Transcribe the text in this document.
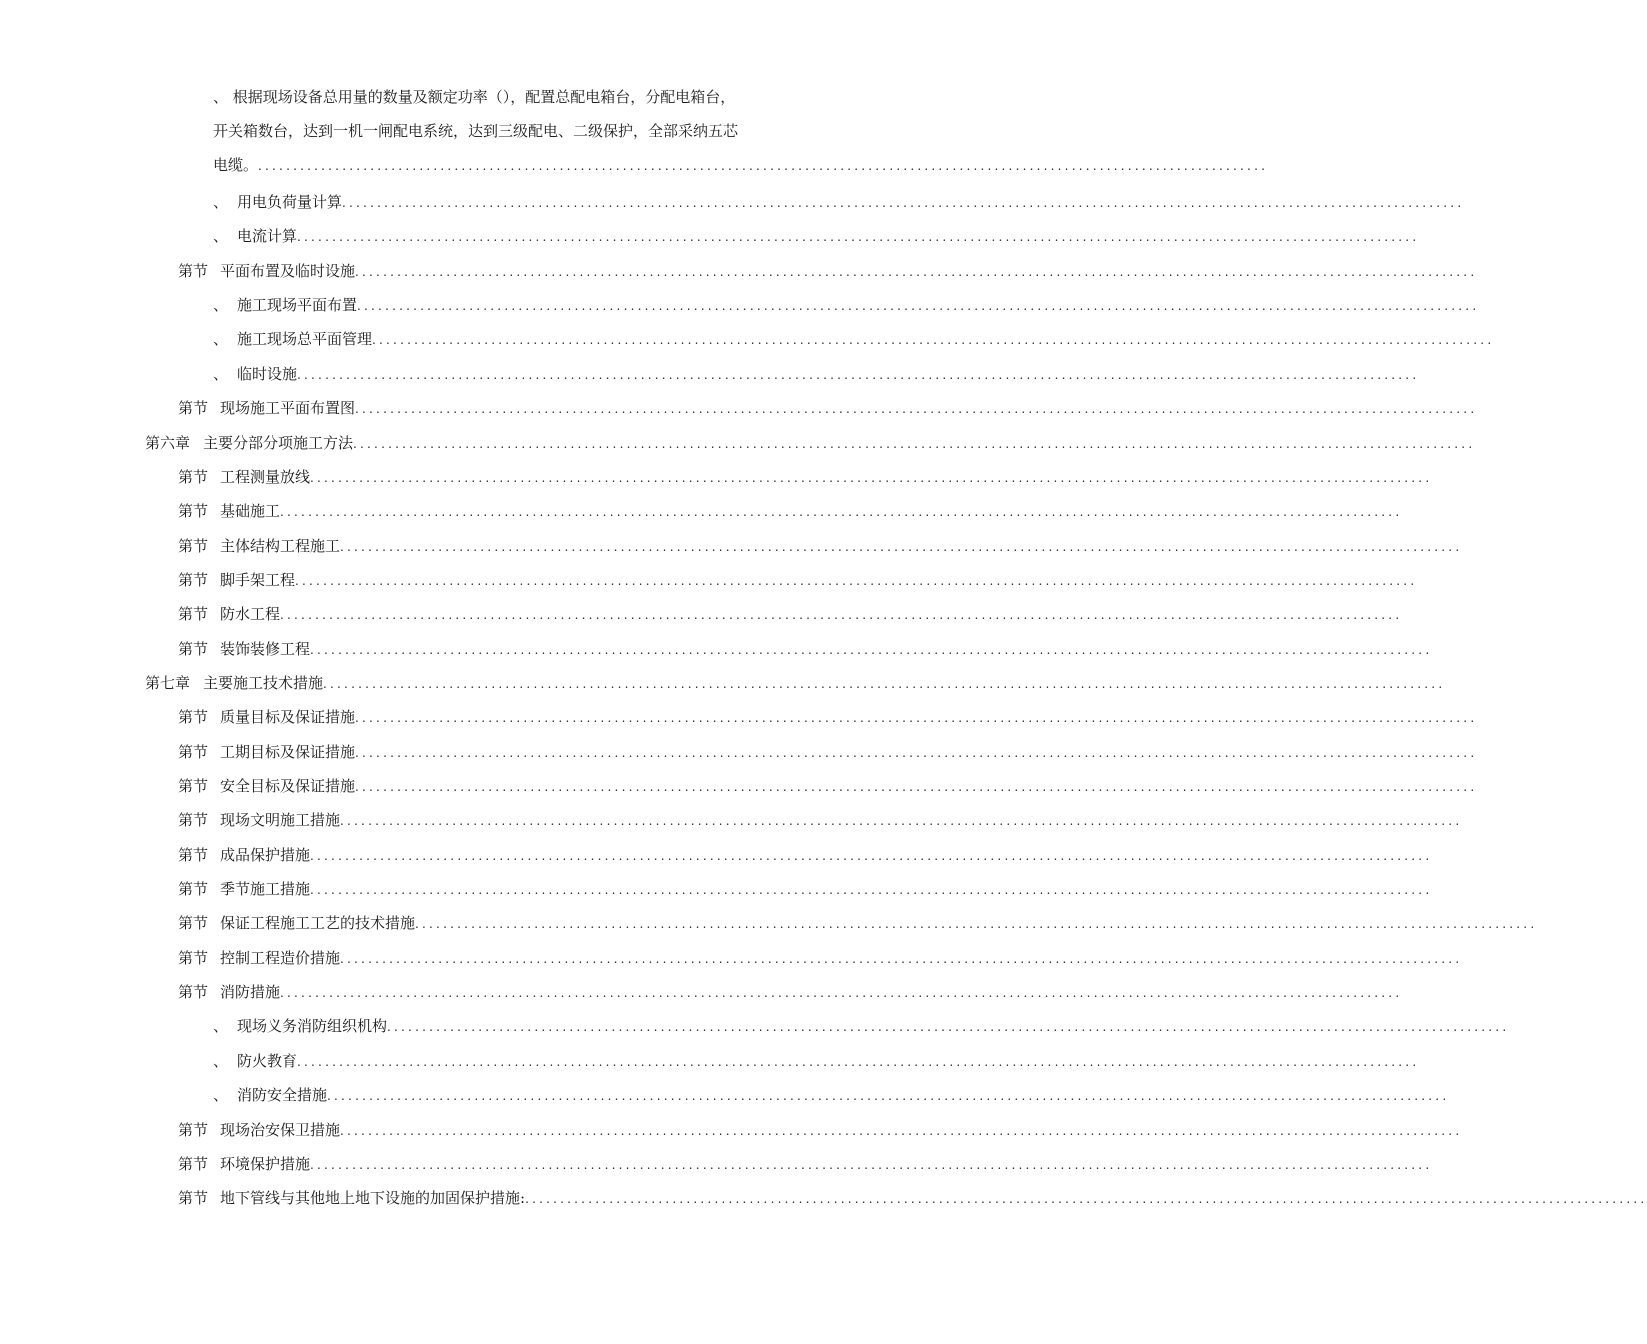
、 根据现场设备总用量的数量及额定功率（），配置总配电箱台，分配电箱台，
开关箱数台，达到一机一闸配电系统，达到三级配电、二级保护，全部采纳五芯
电缆。 ................................................................................................................................................
、 用电负荷量计算
.....
、 电流计算
.....
第节 平面布置及临时设施
.....
、 施工现场平面布置
.....
、 施工现场总平面管理
.....
、 临时设施
.....
第节 现场施工平面布置图
.....
第六章 主要分部分项施工方法
.....
第节 工程测量放线
.....
第节 基础施工
.....
第节 主体结构工程施工
.....
第节 脚手架工程
.....
第节 防水工程
.....
第节 装饰装修工程
.....
第七章 主要施工技术措施
.....
第节 质量目标及保证措施
.....
第节 工期目标及保证措施
.....
第节 安全目标及保证措施
.....
第节 现场文明施工措施
.....
第节 成品保护措施
.....
第节 季节施工措施
.....
第节 保证工程施工工艺的技术措施
.....
第节 控制工程造价措施
.....
第节 消防措施
.....
、 现场义务消防组织机构
.....
、 防火教育
.....
、 消防安全措施
.....
第节 现场治安保卫措施
.....
第节 环境保护措施
.....
第节 地下管线与其他地上地下设施的加固保护措施:
.....
